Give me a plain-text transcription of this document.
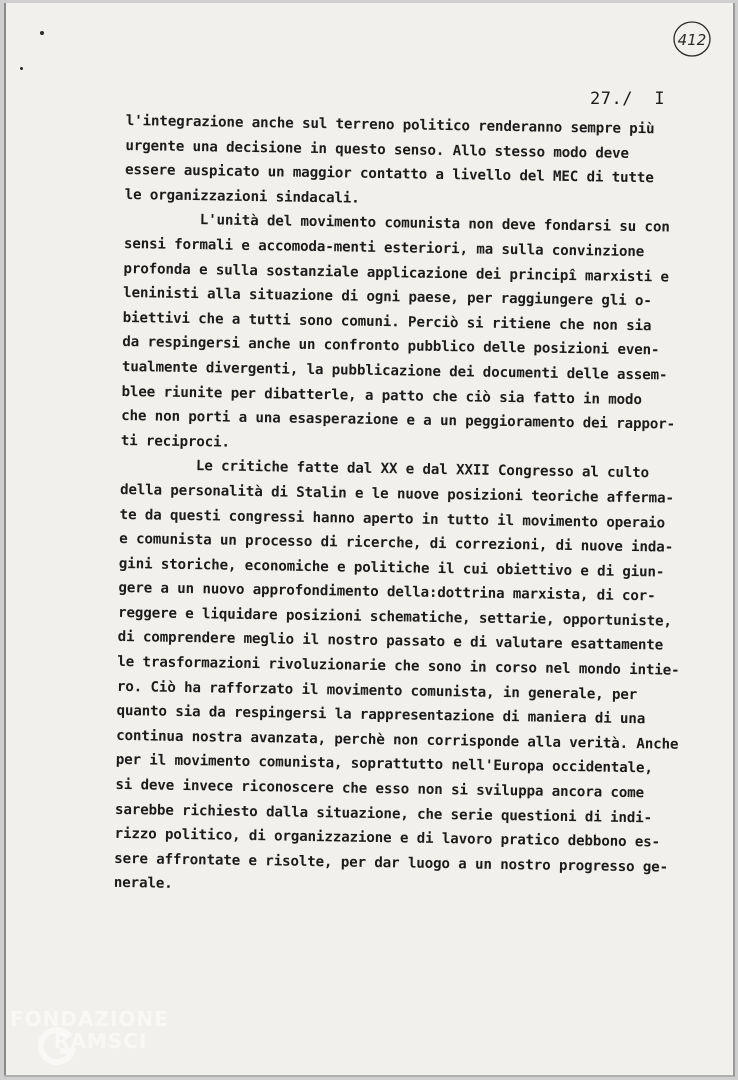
412
27./  I
l'integrazione anche sul terreno politico renderanno sempre più
urgente una decisione in questo senso. Allo stesso modo deve
essere auspicato un maggior contatto a livello del MEC di tutte
le organizzazioni sindacali.
L'unità del movimento comunista non deve fondarsi su con
sensi formali e accomoda-menti esteriori, ma sulla convinzione
profonda e sulla sostanziale applicazione dei principî marxisti e
leninisti alla situazione di ogni paese, per raggiungere gli o-
biettivi che a tutti sono comuni. Perciò si ritiene che non sia
da respingersi anche un confronto pubblico delle posizioni even-
tualmente divergenti, la pubblicazione dei documenti delle assem-
blee riunite per dibatterle, a patto che ciò sia fatto in modo
che non porti a una esasperazione e a un peggioramento dei rappor-
ti reciproci.
Le critiche fatte dal XX e dal XXII Congresso al culto
della personalità di Stalin e le nuove posizioni teoriche afferma-
te da questi congressi hanno aperto in tutto il movimento operaio
e comunista un processo di ricerche, di correzioni, di nuove inda-
gini storiche, economiche e politiche il cui obiettivo e di giun-
gere a un nuovo approfondimento della:dottrina marxista, di cor-
reggere e liquidare posizioni schematiche, settarie, opportuniste,
di comprendere meglio il nostro passato e di valutare esattamente
le trasformazioni rivoluzionarie che sono in corso nel mondo intie-
ro. Ciò ha rafforzato il movimento comunista, in generale, per
quanto sia da respingersi la rappresentazione di maniera di una
continua nostra avanzata, perchè non corrisponde alla verità. Anche
per il movimento comunista, soprattutto nell'Europa occidentale,
si deve invece riconoscere che esso non si sviluppa ancora come
sarebbe richiesto dalla situazione, che serie questioni di indi-
rizzo politico, di organizzazione e di lavoro pratico debbono es-
sere affrontate e risolte, per dar luogo a un nostro progresso ge-
nerale.
FONDAZIONE
RAMSCI
